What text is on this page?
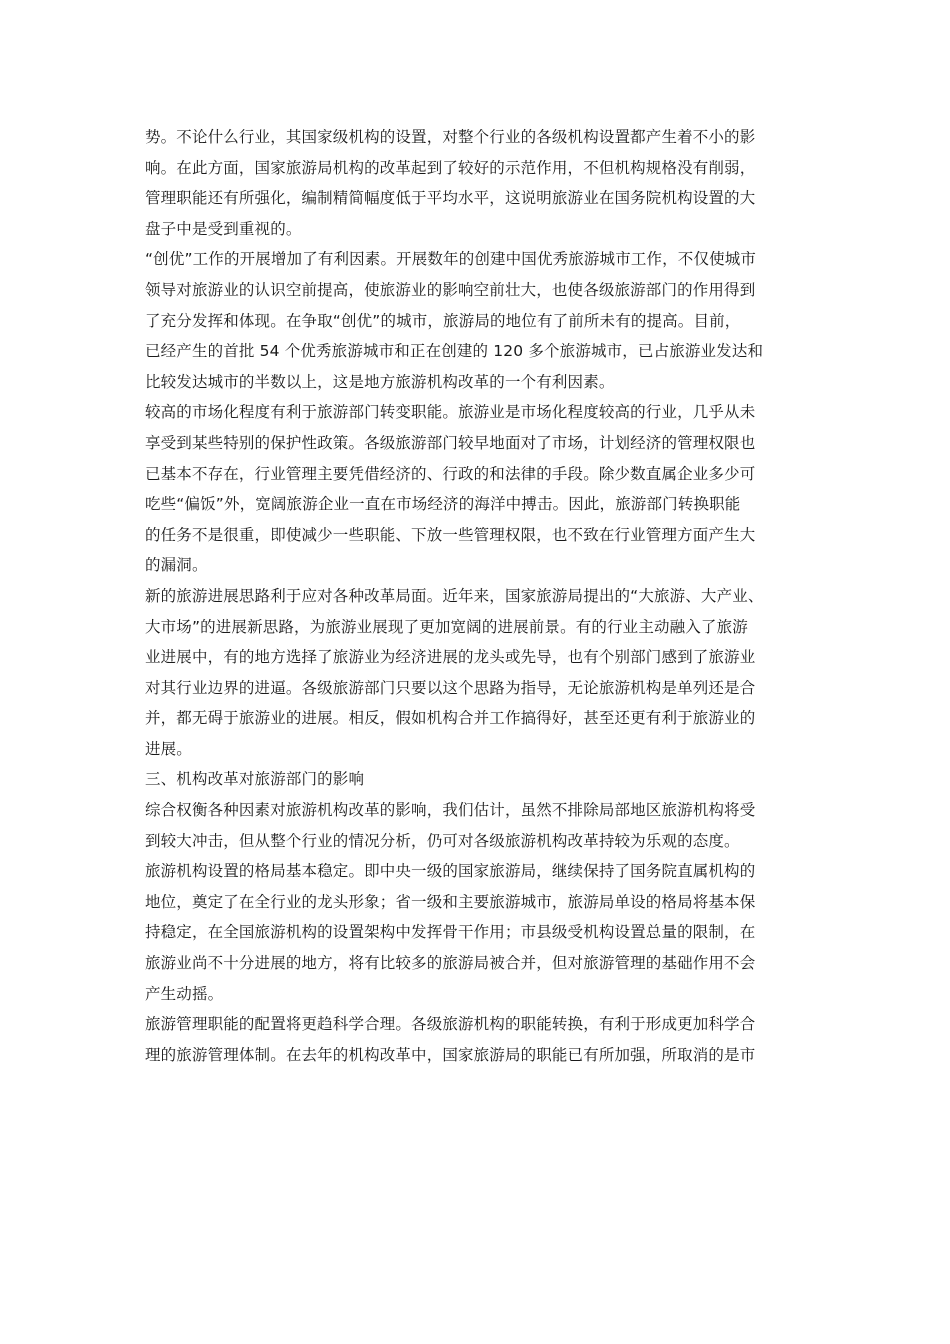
势。不论什么行业，其国家级机构的设置，对整个行业的各级机构设置都产生着不小的影
响。在此方面，国家旅游局机构的改革起到了较好的示范作用，不但机构规格没有削弱，
管理职能还有所强化，编制精简幅度低于平均水平，这说明旅游业在国务院机构设置的大
盘子中是受到重视的。
“创优”工作的开展增加了有利因素。开展数年的创建中国优秀旅游城市工作，不仅使城市
领导对旅游业的认识空前提高，使旅游业的影响空前壮大，也使各级旅游部门的作用得到
了充分发挥和体现。在争取“创优”的城市，旅游局的地位有了前所未有的提高。目前，
已经产生的首批 54 个优秀旅游城市和正在创建的 120 多个旅游城市，已占旅游业发达和
比较发达城市的半数以上，这是地方旅游机构改革的一个有利因素。
较高的市场化程度有利于旅游部门转变职能。旅游业是市场化程度较高的行业，几乎从未
享受到某些特别的保护性政策。各级旅游部门较早地面对了市场，计划经济的管理权限也
已基本不存在，行业管理主要凭借经济的、行政的和法律的手段。除少数直属企业多少可
吃些“偏饭”外，宽阔旅游企业一直在市场经济的海洋中搏击。因此，旅游部门转换职能
的任务不是很重，即使减少一些职能、下放一些管理权限，也不致在行业管理方面产生大
的漏洞。
新的旅游进展思路利于应对各种改革局面。近年来，国家旅游局提出的“大旅游、大产业、
大市场”的进展新思路，为旅游业展现了更加宽阔的进展前景。有的行业主动融入了旅游
业进展中，有的地方选择了旅游业为经济进展的龙头或先导，也有个别部门感到了旅游业
对其行业边界的进逼。各级旅游部门只要以这个思路为指导，无论旅游机构是单列还是合
并，都无碍于旅游业的进展。相反，假如机构合并工作搞得好，甚至还更有利于旅游业的
进展。
三、机构改革对旅游部门的影响
综合权衡各种因素对旅游机构改革的影响，我们估计，虽然不排除局部地区旅游机构将受
到较大冲击，但从整个行业的情况分析，仍可对各级旅游机构改革持较为乐观的态度。
旅游机构设置的格局基本稳定。即中央一级的国家旅游局，继续保持了国务院直属机构的
地位，奠定了在全行业的龙头形象；省一级和主要旅游城市，旅游局单设的格局将基本保
持稳定，在全国旅游机构的设置架构中发挥骨干作用；市县级受机构设置总量的限制，在
旅游业尚不十分进展的地方，将有比较多的旅游局被合并，但对旅游管理的基础作用不会
产生动摇。
旅游管理职能的配置将更趋科学合理。各级旅游机构的职能转换，有利于形成更加科学合
理的旅游管理体制。在去年的机构改革中，国家旅游局的职能已有所加强，所取消的是市
